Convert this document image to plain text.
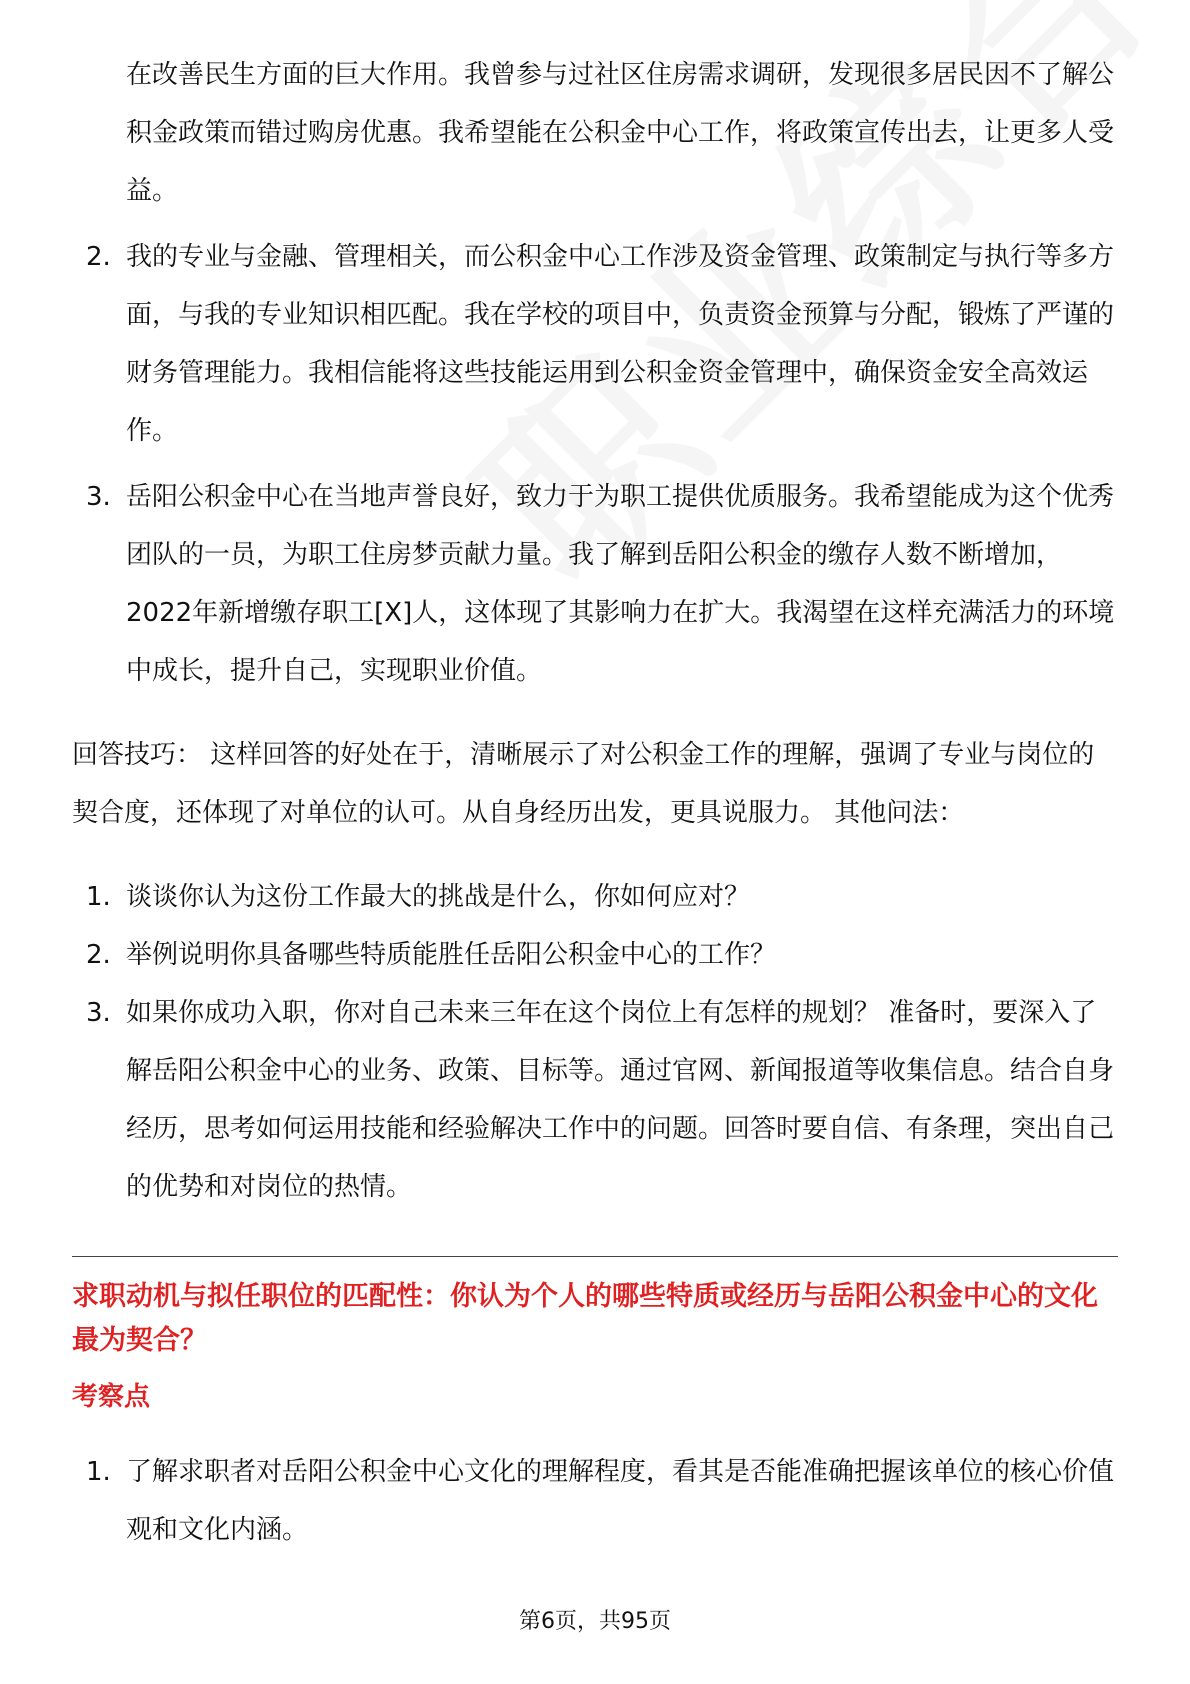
在改善民生方面的巨大作用。我曾参与过社区住房需求调研，发现很多居民因不了解公积金政策而错过购房优惠。我希望能在公积金中心工作，将政策宣传出去，让更多人受益。
2. 我的专业与金融、管理相关，而公积金中心工作涉及资金管理、政策制定与执行等多方面，与我的专业知识相匹配。我在学校的项目中，负责资金预算与分配，锻炼了严谨的财务管理能力。我相信能将这些技能运用到公积金资金管理中，确保资金安全高效运作。
3. 岳阳公积金中心在当地声誉良好，致力于为职工提供优质服务。我希望能成为这个优秀团队的一员，为职工住房梦贡献力量。我了解到岳阳公积金的缴存人数不断增加，2022年新增缴存职工[X]人，这体现了其影响力在扩大。我渴望在这样充满活力的环境中成长，提升自己，实现职业价值。

回答技巧： 这样回答的好处在于，清晰展示了对公积金工作的理解，强调了专业与岗位的契合度，还体现了对单位的认可。从自身经历出发，更具说服力。 其他问法：

1. 谈谈你认为这份工作最大的挑战是什么，你如何应对？
2. 举例说明你具备哪些特质能胜任岳阳公积金中心的工作？
3. 如果你成功入职，你对自己未来三年在这个岗位上有怎样的规划？ 准备时，要深入了解岳阳公积金中心的业务、政策、目标等。通过官网、新闻报道等收集信息。结合自身经历，思考如何运用技能和经验解决工作中的问题。回答时要自信、有条理，突出自己的优势和对岗位的热情。

求职动机与拟任职位的匹配性：你认为个人的哪些特质或经历与岳阳公积金中心的文化最为契合？

考察点

1. 了解求职者对岳阳公积金中心文化的理解程度，看其是否能准确把握该单位的核心价值观和文化内涵。
第6页，共95页
